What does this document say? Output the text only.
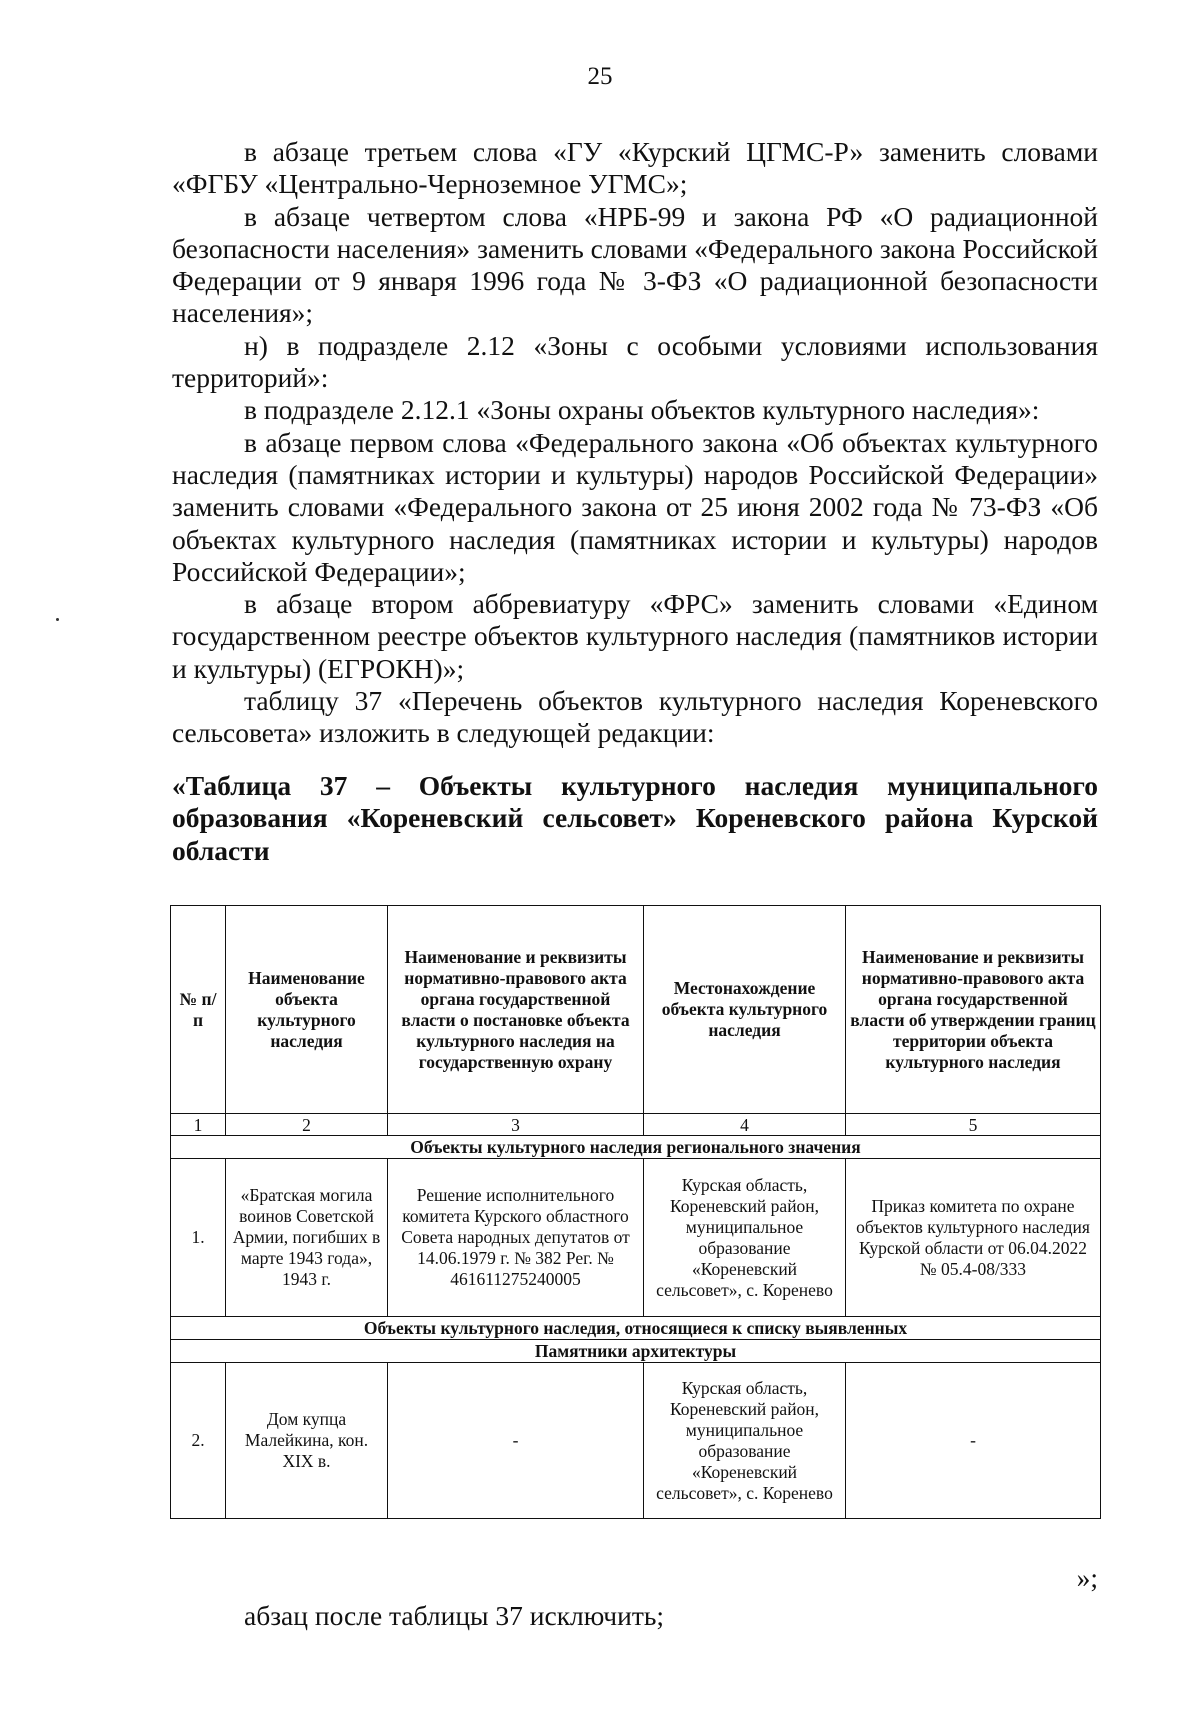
25

в абзаце третьем слова «ГУ «Курский ЦГМС-Р» заменить словами «ФГБУ «Центрально-Черноземное УГМС»;

в абзаце четвертом слова «НРБ-99 и закона РФ «О радиационной безопасности населения» заменить словами «Федерального закона Российской Федерации от 9 января 1996 года № 3-ФЗ «О радиационной безопасности населения»;

н) в подразделе 2.12 «Зоны с особыми условиями использования территорий»:

в подразделе 2.12.1 «Зоны охраны объектов культурного наследия»:

в абзаце первом слова «Федерального закона «Об объектах культурного наследия (памятниках истории и культуры) народов Российской Федерации» заменить словами «Федерального закона от 25 июня 2002 года № 73-ФЗ «Об объектах культурного наследия (памятниках истории и культуры) народов Российской Федерации»;

в абзаце втором аббревиатуру «ФРС» заменить словами «Едином государственном реестре объектов культурного наследия (памятников истории и культуры) (ЕГРОКН)»;

таблицу 37 «Перечень объектов культурного наследия Кореневского сельсовета» изложить в следующей редакции:

«Таблица 37 – Объекты культурного наследия муниципального образования «Кореневский сельсовет» Кореневского района Курской области
№ п/п	Наименование объекта культурного наследия	Наименование и реквизиты нормативно-правового акта органа государственной власти о постановке объекта культурного наследия на государственную охрану	Местонахождение объекта культурного наследия	Наименование и реквизиты нормативно-правового акта органа государственной власти об утверждении границ территории объекта культурного наследия
1	2	3	4	5
Объекты культурного наследия регионального значения				
1.	«Братская могила воинов Советской Армии, погибших в марте 1943 года», 1943 г.	Решение исполнительного комитета Курского областного Совета народных депутатов от 14.06.1979 г. № 382 Рег. № 461611275240005	Курская область, Кореневский район, муниципальное образование «Кореневский сельсовет», с. Коренево	Приказ комитета по охране объектов культурного наследия Курской области от 06.04.2022 № 05.4-08/333
Объекты культурного наследия, относящиеся к списку выявленных				
Памятники архитектуры				
2.	Дом купца Малейкина, кон. XIX в.	-	Курская область, Кореневский район, муниципальное образование «Кореневский сельсовет», с. Коренево	-
»;
абзац после таблицы 37 исключить;
